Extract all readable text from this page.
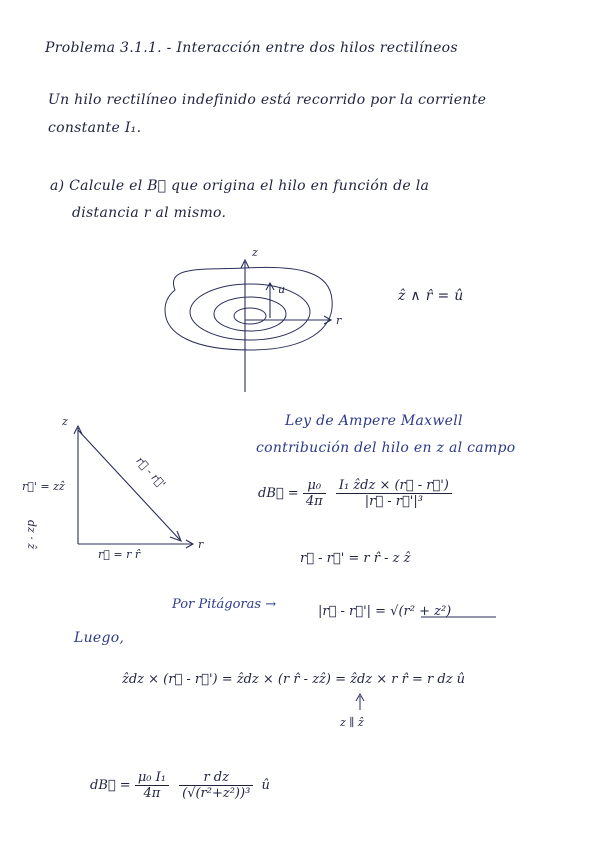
Problema 3.1.1. - Interacción entre dos hilos rectilíneos
Un hilo rectilíneo indefinido está recorrido por la corriente
constante I₁.
a) Calcule el B⃗ que origina el hilo en función de la
distancia r al mismo.
z
r
u	ẑ ∧ r̂ = û
z
r
r⃗ - r⃗'
r⃗' = zẑ
dz · ẑ
r⃗ = r r̂
Ley de Ampere Maxwell
contribución del hilo en z al campo
dB⃗ = $\frac{\text{μ₀}}{4\pi}$
$\frac{\text{I₁ ẑdz × (r⃗ - r⃗')}}{\text{|r⃗ - r⃗'|³}}$
r⃗ - r⃗' = r r̂ - z ẑ
Por Pitágoras →	|r⃗ - r⃗'| = √(r² + z²)
Luego,
ẑdz × (r⃗ - r⃗') = ẑdz × (r r̂ - zẑ) = ẑdz × r r̂ = r dz û
z ∥ ẑ
dB⃗ = $\frac{\text{μ₀ I₁}}{4\pi}$
$\frac{\text{r dz}}{\text{(√(r²+z²))³}}$ û
